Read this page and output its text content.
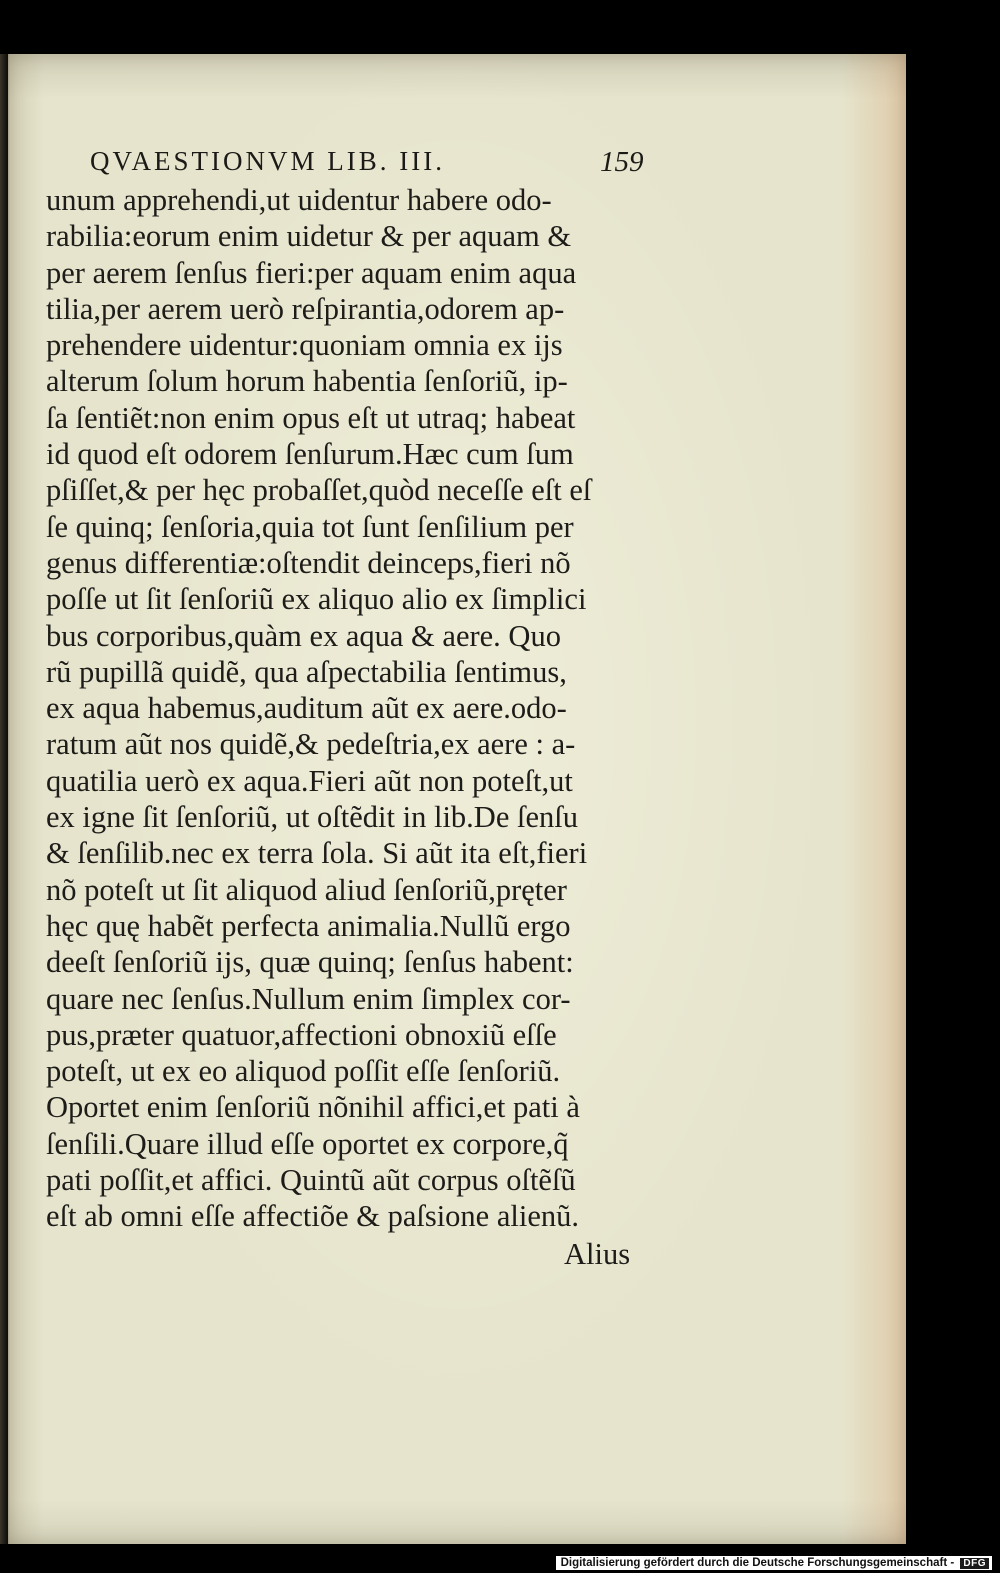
QVAESTIONVM LIB. III.	159
unum apprehendi,ut uidentur habere odo-
rabilia:eorum enim uidetur & per aquam &
per aerem ſenſus fieri:per aquam enim aqua
tilia,per aerem uerò reſpirantia,odorem ap-
prehendere uidentur:quoniam omnia ex ijs
alterum ſolum horum habentia ſenſoriũ, ip-
ſa ſentiẽt:non enim opus eſt ut utraq; habeat
id quod eſt odorem ſenſurum.Hæc cum ſum
pſiſſet,& per hęc probaſſet,quòd neceſſe eſt eſ
ſe quinq; ſenſoria,quia tot ſunt ſenſilium per
genus differentiæ:oſtendit deinceps,fieri nõ
poſſe ut ſit ſenſoriũ ex aliquo alio ex ſimplici
bus corporibus,quàm ex aqua & aere. Quo
rũ pupillã quidẽ, qua aſpectabilia ſentimus,
ex aqua habemus,auditum aũt ex aere.odo-
ratum aũt nos quidẽ,& pedeſtria,ex aere : a-
quatilia uerò ex aqua.Fieri aũt non poteſt,ut
ex igne ſit ſenſoriũ, ut oſtẽdit in lib.De ſenſu
& ſenſilib.nec ex terra ſola. Si aũt ita eſt,fieri
nõ poteſt ut ſit aliquod aliud ſenſoriũ,pręter
hęc quę habẽt perfecta animalia.Nullũ ergo
deeſt ſenſoriũ ijs, quæ quinq; ſenſus habent:
quare nec ſenſus.Nullum enim ſimplex cor-
pus,præter quatuor,affectioni obnoxiũ eſſe
poteſt, ut ex eo aliquod poſſit eſſe ſenſoriũ.
Oportet enim ſenſoriũ nõnihil affici,et pati à
ſenſili.Quare illud eſſe oportet ex corpore,q̃
pati poſſit,et affici. Quintũ aũt corpus oſtẽſũ
eſt ab omni eſſe affectiõe & paſsione alienũ.
Alius
Digitalisierung gefördert durch die Deutsche Forschungsgemeinschaft - DFG
